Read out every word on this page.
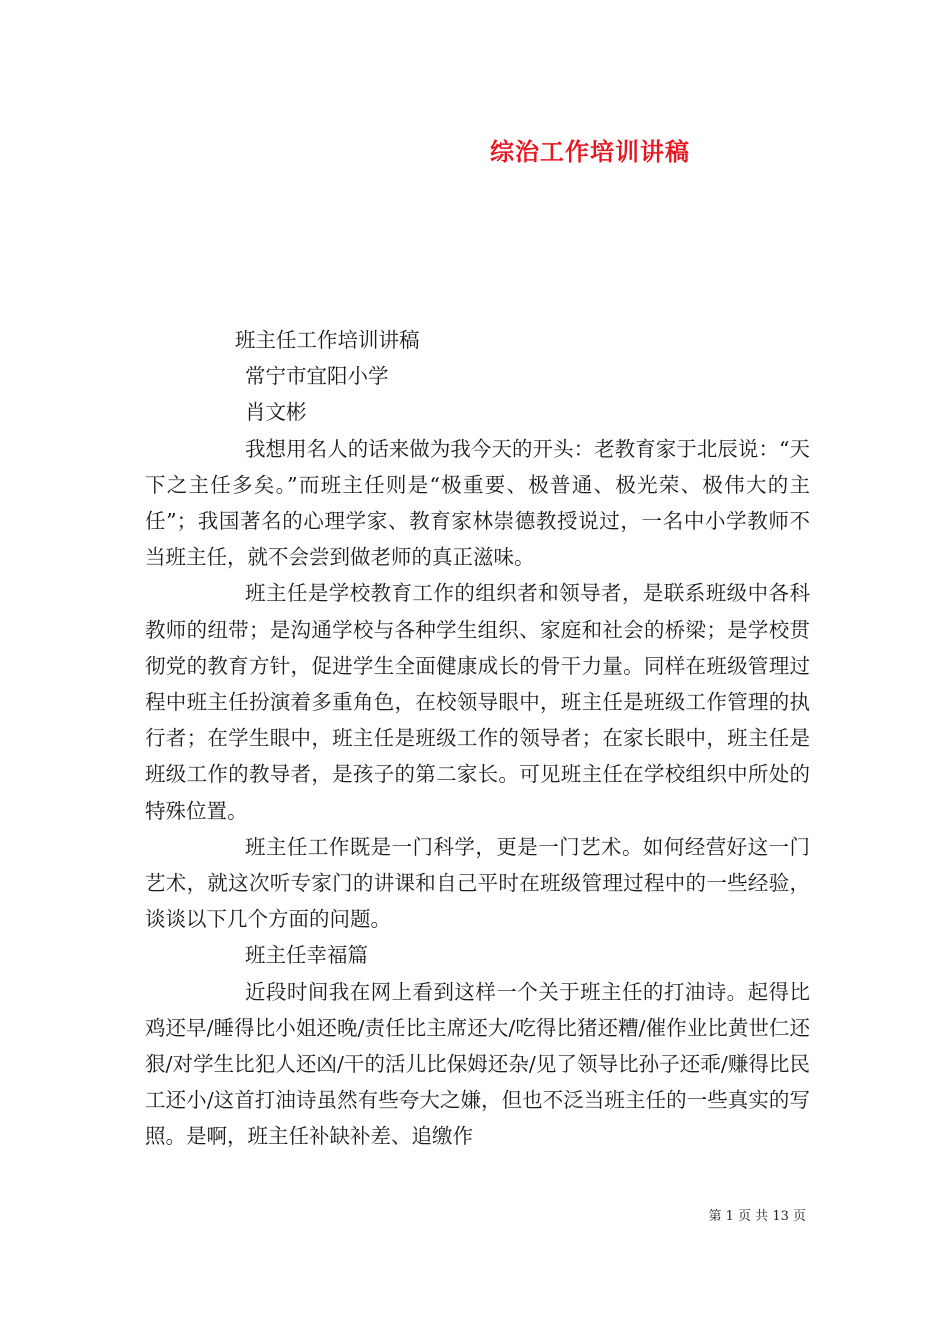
综治工作培训讲稿

班主任工作培训讲稿

常宁市宜阳小学

肖文彬

我想用名人的话来做为我今天的开头：老教育家于北辰说：“天下之主任多矣。”而班主任则是“极重要、极普通、极光荣、极伟大的主任”；我国著名的心理学家、教育家林崇德教授说过，一名中小学教师不当班主任，就不会尝到做老师的真正滋味。

班主任是学校教育工作的组织者和领导者，是联系班级中各科教师的纽带；是沟通学校与各种学生组织、家庭和社会的桥梁；是学校贯彻党的教育方针，促进学生全面健康成长的骨干力量。同样在班级管理过程中班主任扮演着多重角色，在校领导眼中，班主任是班级工作管理的执行者；在学生眼中，班主任是班级工作的领导者；在家长眼中，班主任是班级工作的教导者，是孩子的第二家长。可见班主任在学校组织中所处的特殊位置。

班主任工作既是一门科学，更是一门艺术。如何经营好这一门艺术，就这次听专家门的讲课和自己平时在班级管理过程中的一些经验，谈谈以下几个方面的问题。

班主任幸福篇

近段时间我在网上看到这样一个关于班主任的打油诗。起得比鸡还早/睡得比小姐还晚/责任比主席还大/吃得比猪还糟/催作业比黄世仁还狠/对学生比犯人还凶/干的活儿比保姆还杂/见了领导比孙子还乖/赚得比民工还小/这首打油诗虽然有些夸大之嫌，但也不泛当班主任的一些真实的写照。是啊，班主任补缺补差、追缴作

第 1 页 共 13 页
